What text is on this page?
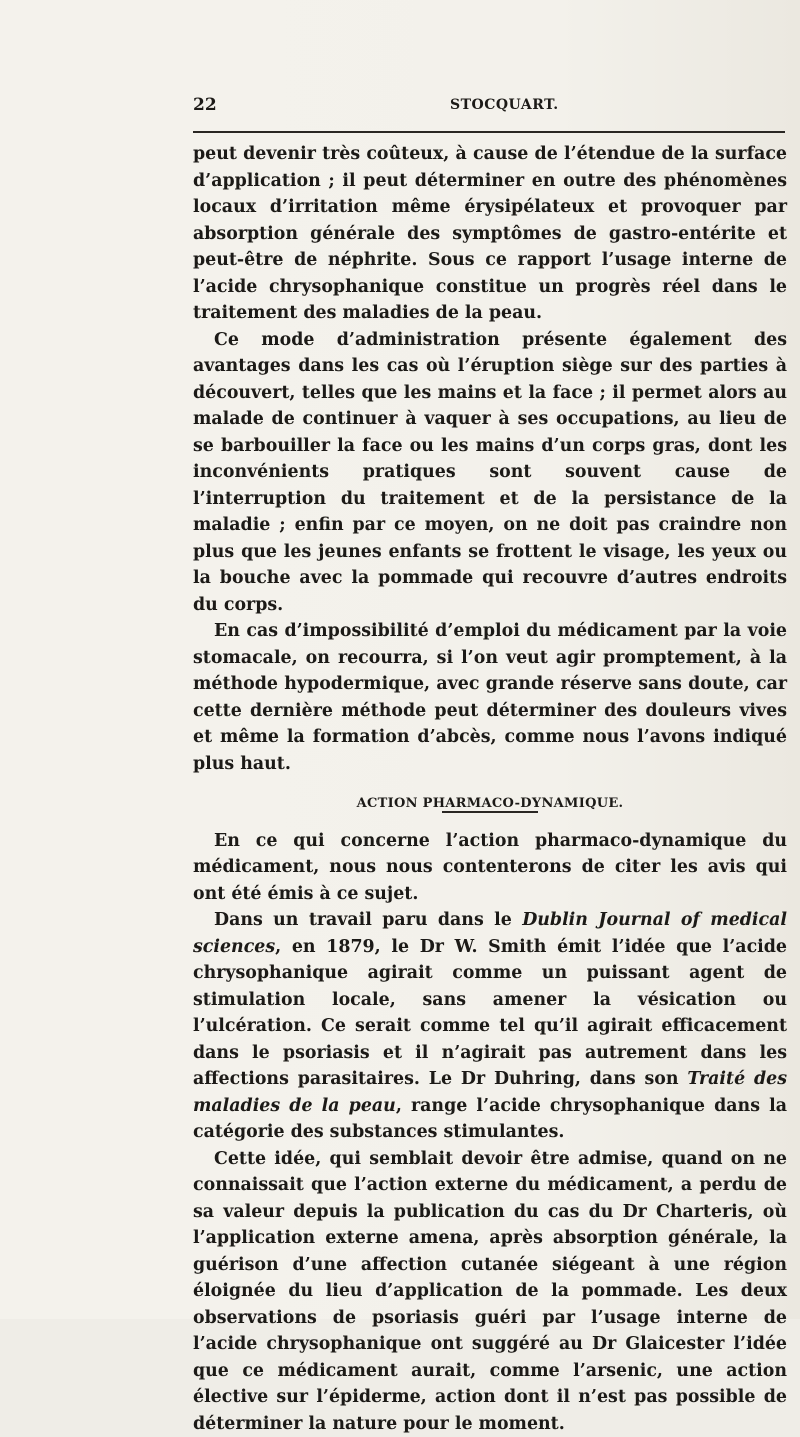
22	STOCQUART.

peut devenir très coûteux, à cause de l’étendue de la surface d’application ; il peut déterminer en outre des phénomènes locaux d’irritation même érysipélateux et provoquer par absorption générale des symptômes de gastro-entérite et peut-être de néphrite. Sous ce rapport l’usage interne de l’acide chrysophanique constitue un progrès réel dans le traitement des maladies de la peau.

Ce mode d’administration présente également des avantages dans les cas où l’éruption siège sur des parties à découvert, telles que les mains et la face ; il permet alors au malade de continuer à vaquer à ses occupations, au lieu de se barbouiller la face ou les mains d’un corps gras, dont les inconvénients pratiques sont souvent cause de l’interruption du traitement et de la persistance de la maladie ; enfin par ce moyen, on ne doit pas craindre non plus que les jeunes enfants se frottent le visage, les yeux ou la bouche avec la pommade qui recouvre d’autres endroits du corps.

En cas d’impossibilité d’emploi du médicament par la voie stomacale, on recourra, si l’on veut agir promptement, à la méthode hypodermique, avec grande réserve sans doute, car cette dernière méthode peut déterminer des douleurs vives et même la formation d’abcès, comme nous l’avons indiqué plus haut.

ACTION PHARMACO-DYNAMIQUE.

En ce qui concerne l’action pharmaco-dynamique du médicament, nous nous contenterons de citer les avis qui ont été émis à ce sujet.

Dans un travail paru dans le Dublin Journal of medical sciences, en 1879, le Dr W. Smith émit l’idée que l’acide chrysophanique agirait comme un puissant agent de stimulation locale, sans amener la vésication ou l’ulcération. Ce serait comme tel qu’il agirait efficacement dans le psoriasis et il n’agirait pas autrement dans les affections parasitaires. Le Dr Duhring, dans son Traité des maladies de la peau, range l’acide chrysophanique dans la catégorie des substances stimulantes.

Cette idée, qui semblait devoir être admise, quand on ne connaissait que l’action externe du médicament, a perdu de sa valeur depuis la publication du cas du Dr Charteris, où l’application externe amena, après absorption générale, la guérison d’une affection cutanée siégeant à une région éloignée du lieu d’application de la pommade. Les deux observations de psoriasis guéri par l’usage interne de l’acide chrysophanique ont suggéré au Dr Glaicester l’idée que ce médicament aurait, comme l’arsenic, une action élective sur l’épiderme, action dont il n’est pas possible de déterminer la nature pour le moment.
